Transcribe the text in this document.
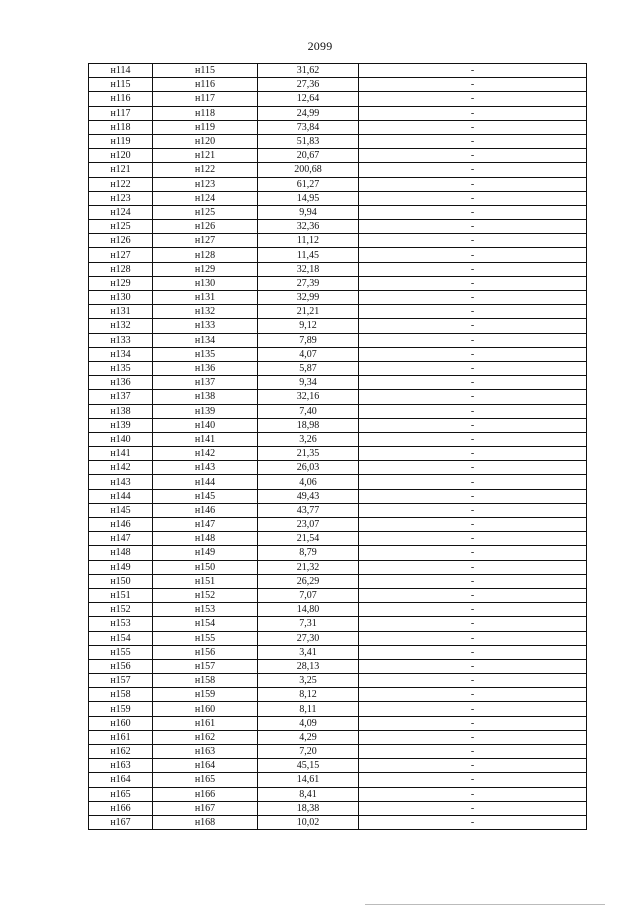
2099
н114	н115	31,62	-
н115	н116	27,36	-
н116	н117	12,64	-
н117	н118	24,99	-
н118	н119	73,84	-
н119	н120	51,83	-
н120	н121	20,67	-
н121	н122	200,68	-
н122	н123	61,27	-
н123	н124	14,95	-
н124	н125	9,94	-
н125	н126	32,36	-
н126	н127	11,12	-
н127	н128	11,45	-
н128	н129	32,18	-
н129	н130	27,39	-
н130	н131	32,99	-
н131	н132	21,21	-
н132	н133	9,12	-
н133	н134	7,89	-
н134	н135	4,07	-
н135	н136	5,87	-
н136	н137	9,34	-
н137	н138	32,16	-
н138	н139	7,40	-
н139	н140	18,98	-
н140	н141	3,26	-
н141	н142	21,35	-
н142	н143	26,03	-
н143	н144	4,06	-
н144	н145	49,43	-
н145	н146	43,77	-
н146	н147	23,07	-
н147	н148	21,54	-
н148	н149	8,79	-
н149	н150	21,32	-
н150	н151	26,29	-
н151	н152	7,07	-
н152	н153	14,80	-
н153	н154	7,31	-
н154	н155	27,30	-
н155	н156	3,41	-
н156	н157	28,13	-
н157	н158	3,25	-
н158	н159	8,12	-
н159	н160	8,11	-
н160	н161	4,09	-
н161	н162	4,29	-
н162	н163	7,20	-
н163	н164	45,15	-
н164	н165	14,61	-
н165	н166	8,41	-
н166	н167	18,38	-
н167	н168	10,02	-
